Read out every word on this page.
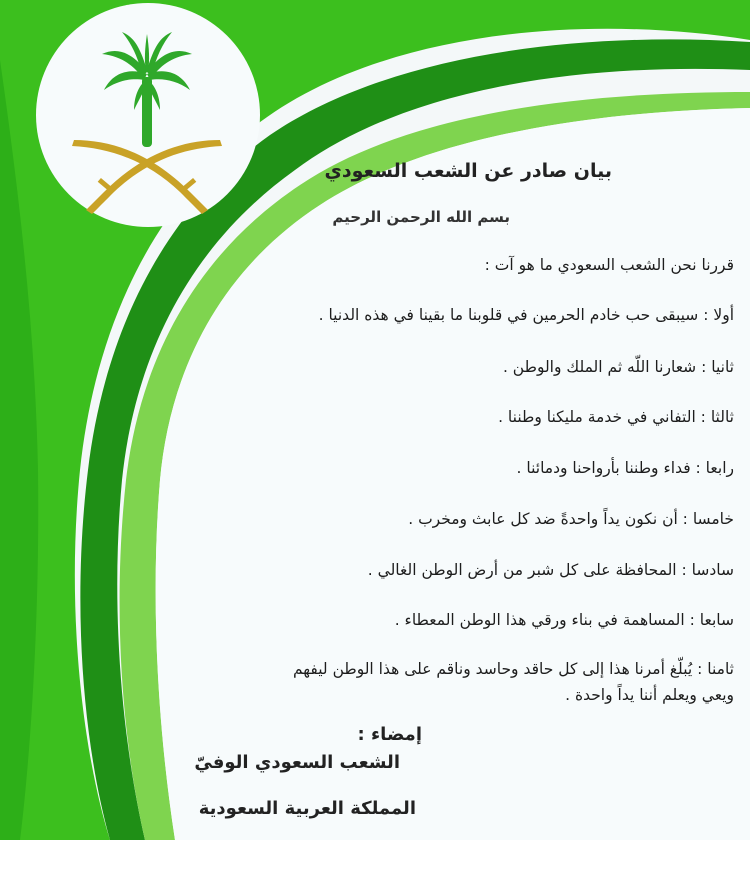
بيان صادر عن الشعب السعودي
بسم الله الرحمن الرحيم
قررنا نحن الشعب السعودي ما هو آت :
أولا : سيبقى حب خادم الحرمين في قلوبنا ما بقينا في هذه الدنيا .
ثانيا : شعارنا اللّه ثم الملك والوطن .
ثالثا : التفاني في خدمة مليكنا وطننا .
رابعا : فداء وطننا بأرواحنا ودمائنا .
خامسا : أن نكون يداً واحدةً ضد كل عابث ومخرب .
سادسا : المحافظة على كل شبر من أرض الوطن الغالي .
سابعا : المساهمة في بناء ورقي هذا الوطن المعطاء .
ثامنا : يُبلّغ أمرنا هذا إلى كل حاقد وحاسد وناقم على هذا الوطن ليفهم
ويعي ويعلم أننا يداً واحدة .
إمضاء :
الشعب السعودي الوفيّ
المملكة العربية السعودية
